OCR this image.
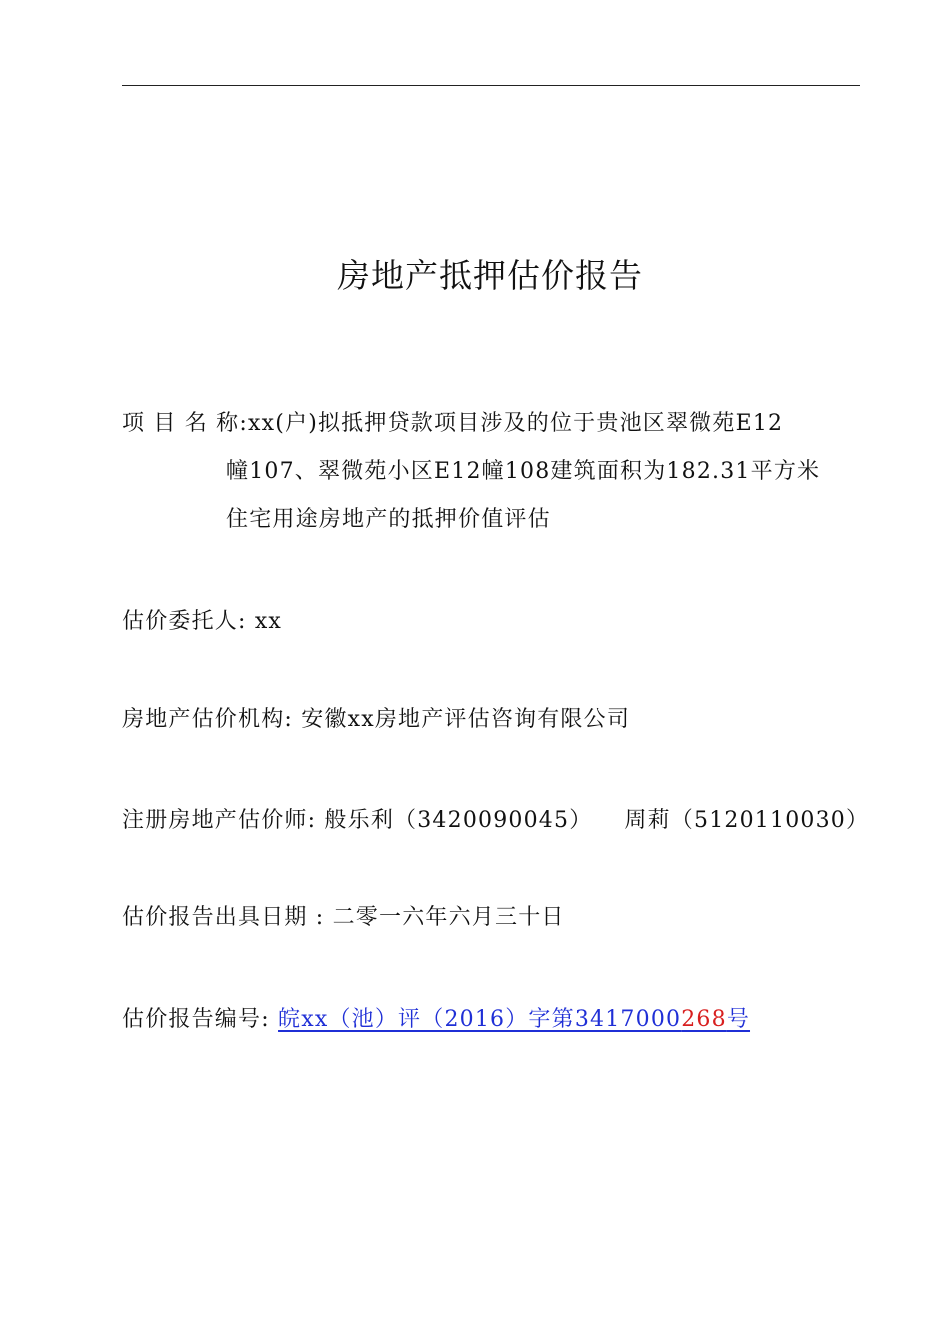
房地产抵押估价报告
项 目 名 称:xx(户)拟抵押贷款项目涉及的位于贵池区翠微苑E12
幢107、翠微苑小区E12幢108建筑面积为182.31平方米
住宅用途房地产的抵押价值评估
估价委托人: xx
房地产估价机构: 安徽xx房地产评估咨询有限公司
注册房地产估价师: 般乐利（3420090045） 周莉（5120110030）
估价报告出具日期 : 二零一六年六月三十日
估价报告编号: 皖xx（池）评（2016）字第3417000268号
